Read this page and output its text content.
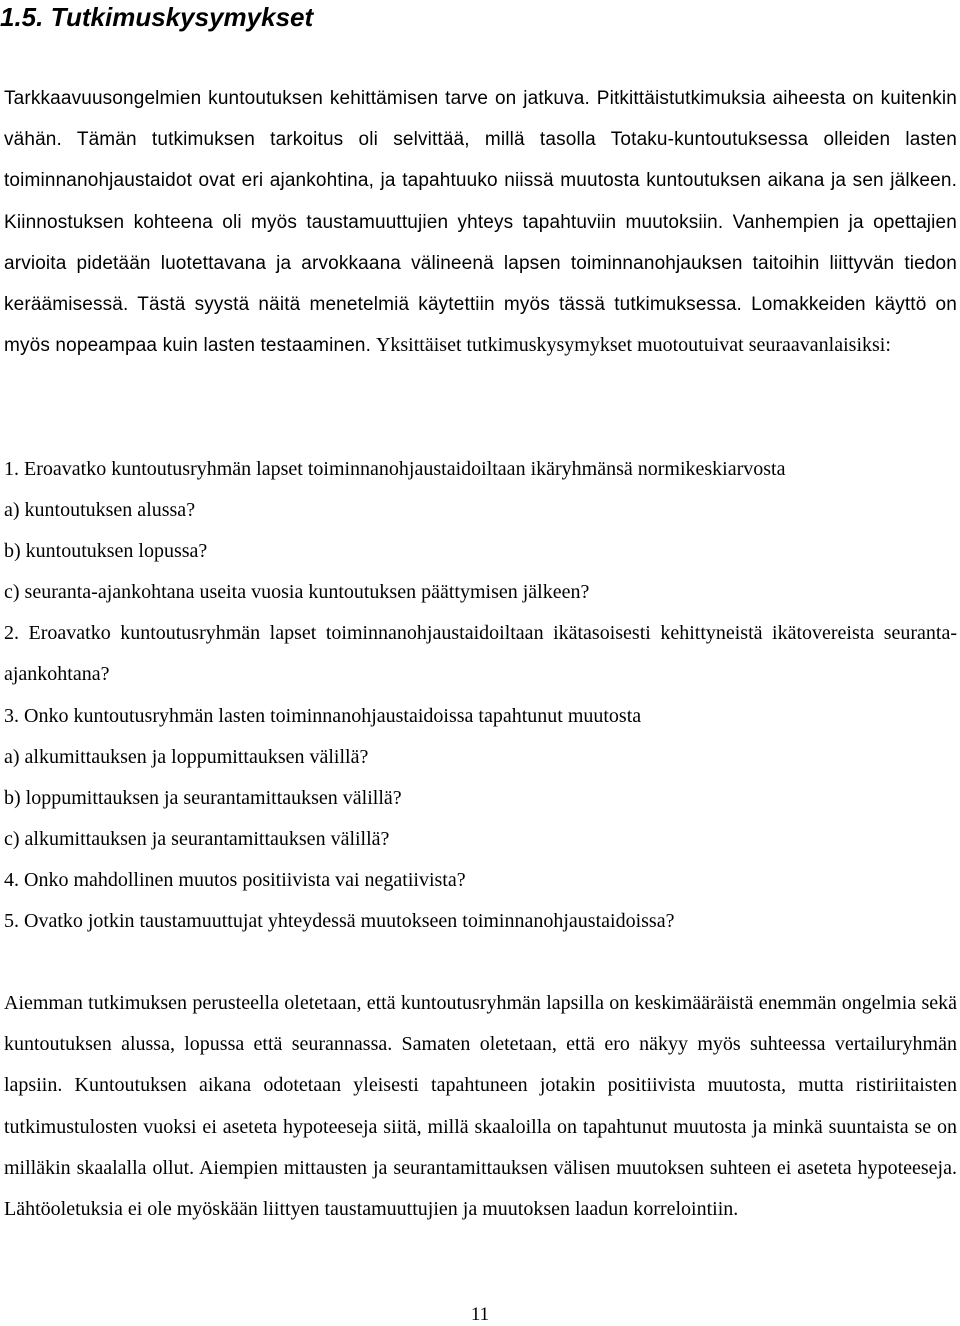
1.5. Tutkimuskysymykset

Tarkkaavuusongelmien kuntoutuksen kehittämisen tarve on jatkuva. Pitkittäistutkimuksia aiheesta on kuitenkin vähän. Tämän tutkimuksen tarkoitus oli selvittää, millä tasolla Totaku-kuntoutuksessa olleiden lasten toiminnanohjaustaidot ovat eri ajankohtina, ja tapahtuuko niissä muutosta kuntoutuksen aikana ja sen jälkeen. Kiinnostuksen kohteena oli myös taustamuuttujien yhteys tapahtuviin muutoksiin. Vanhempien ja opettajien arvioita pidetään luotettavana ja arvokkaana välineenä lapsen toiminnanohjauksen taitoihin liittyvän tiedon keräämisessä. Tästä syystä näitä menetelmiä käytettiin myös tässä tutkimuksessa. Lomakkeiden käyttö on myös nopeampaa kuin lasten testaaminen. Yksittäiset tutkimuskysymykset muotoutuivat seuraavanlaisiksi:

1. Eroavatko kuntoutusryhmän lapset toiminnanohjaustaidoiltaan ikäryhmänsä normikeskiarvosta
a) kuntoutuksen alussa?
b) kuntoutuksen lopussa?
c) seuranta-ajankohtana useita vuosia kuntoutuksen päättymisen jälkeen?
2. Eroavatko kuntoutusryhmän lapset toiminnanohjaustaidoiltaan ikätasoisesti kehittyneistä ikätovereista seuranta-ajankohtana?
3. Onko kuntoutusryhmän lasten toiminnanohjaustaidoissa tapahtunut muutosta
a) alkumittauksen ja loppumittauksen välillä?
b) loppumittauksen ja seurantamittauksen välillä?
c) alkumittauksen ja seurantamittauksen välillä?
4. Onko mahdollinen muutos positiivista vai negatiivista?
5. Ovatko jotkin taustamuuttujat yhteydessä muutokseen toiminnanohjaustaidoissa?

Aiemman tutkimuksen perusteella oletetaan, että kuntoutusryhmän lapsilla on keskimääräistä enemmän ongelmia sekä kuntoutuksen alussa, lopussa että seurannassa. Samaten oletetaan, että ero näkyy myös suhteessa vertailuryhmän lapsiin. Kuntoutuksen aikana odotetaan yleisesti tapahtuneen jotakin positiivista muutosta, mutta ristiriitaisten tutkimustulosten vuoksi ei aseteta hypoteeseja siitä, millä skaaloilla on tapahtunut muutosta ja minkä suuntaista se on milläkin skaalalla ollut. Aiempien mittausten ja seurantamittauksen välisen muutoksen suhteen ei aseteta hypoteeseja. Lähtöoletuksia ei ole myöskään liittyen taustamuuttujien ja muutoksen laadun korrelointiin.

11
